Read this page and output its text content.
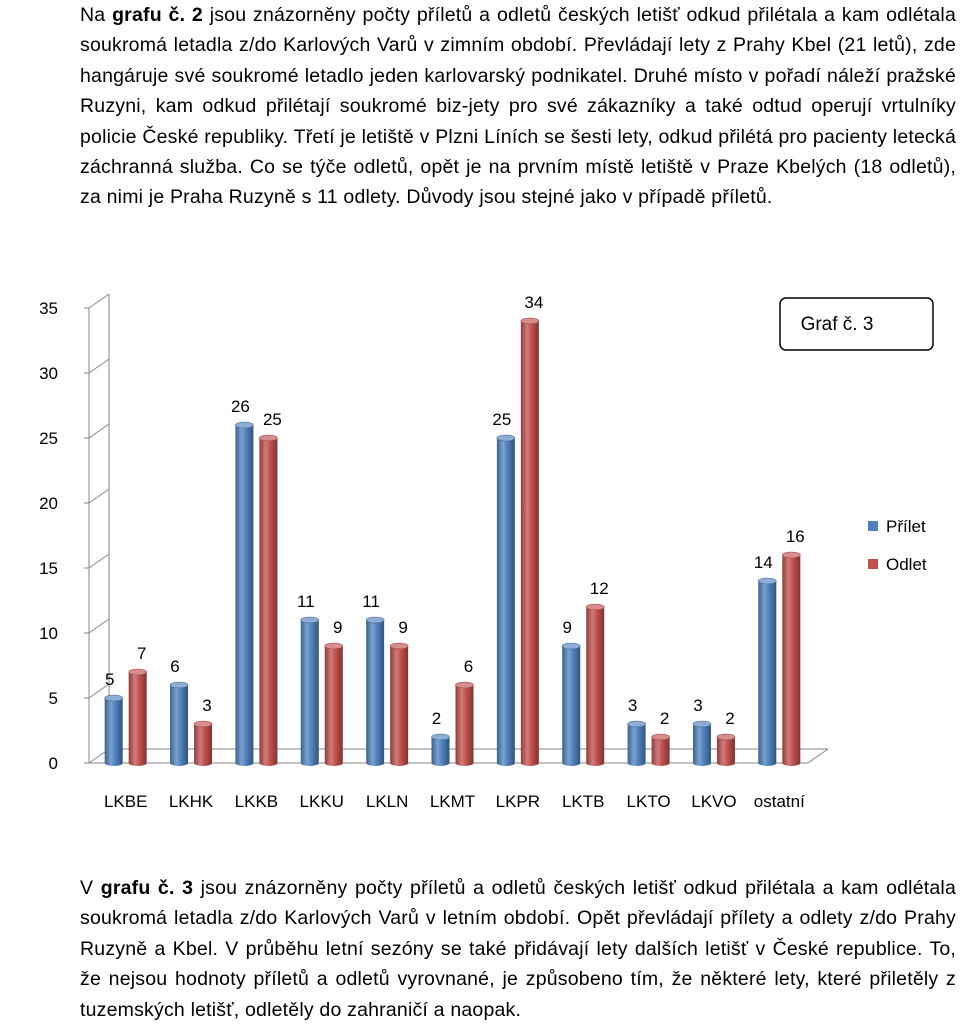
Na grafu č. 2 jsou znázorněny počty příletů a odletů českých letišť odkud přilétala a kam odlétala soukromá letadla z/do Karlových Varů v zimním období. Převládají lety z Prahy Kbel (21 letů), zde hangáruje své soukromé letadlo jeden karlovarský podnikatel. Druhé místo v pořadí náleží pražské Ruzyni, kam odkud přilétají soukromé biz-jety pro své zákazníky a také odtud operují vrtulníky policie České republiky. Třetí je letiště v Plzni Líních se šesti lety, odkud přilétá pro pacienty letecká záchranná služba. Co se týče odletů, opět je na prvním místě letiště v Praze Kbelých (18 odletů), za nimi je Praha Ruzyně s 11 odlety. Důvody jsou stejné jako v případě příletů.
0
5
10
15
20
25
30
35
5
7
LKBE
6
3
LKHK
26
25
LKKB
11
9
LKKU
11
9
LKLN
2
6
LKMT
25
34
LKPR
9
12
LKTB
3
2
LKTO
3
2
LKVO
14
16
ostatní
Graf č. 3
Přílet
Odlet
V grafu č. 3 jsou znázorněny počty příletů a odletů českých letišť odkud přilétala a kam odlétala soukromá letadla z/do Karlových Varů v letním období. Opět převládají přílety a odlety z/do Prahy Ruzyně a Kbel. V průběhu letní sezóny se také přidávají lety dalších letišť v České republice. To, že nejsou hodnoty příletů a odletů vyrovnané, je způsobeno tím, že některé lety, které přiletěly z tuzemských letišť, odletěly do zahraničí a naopak.
